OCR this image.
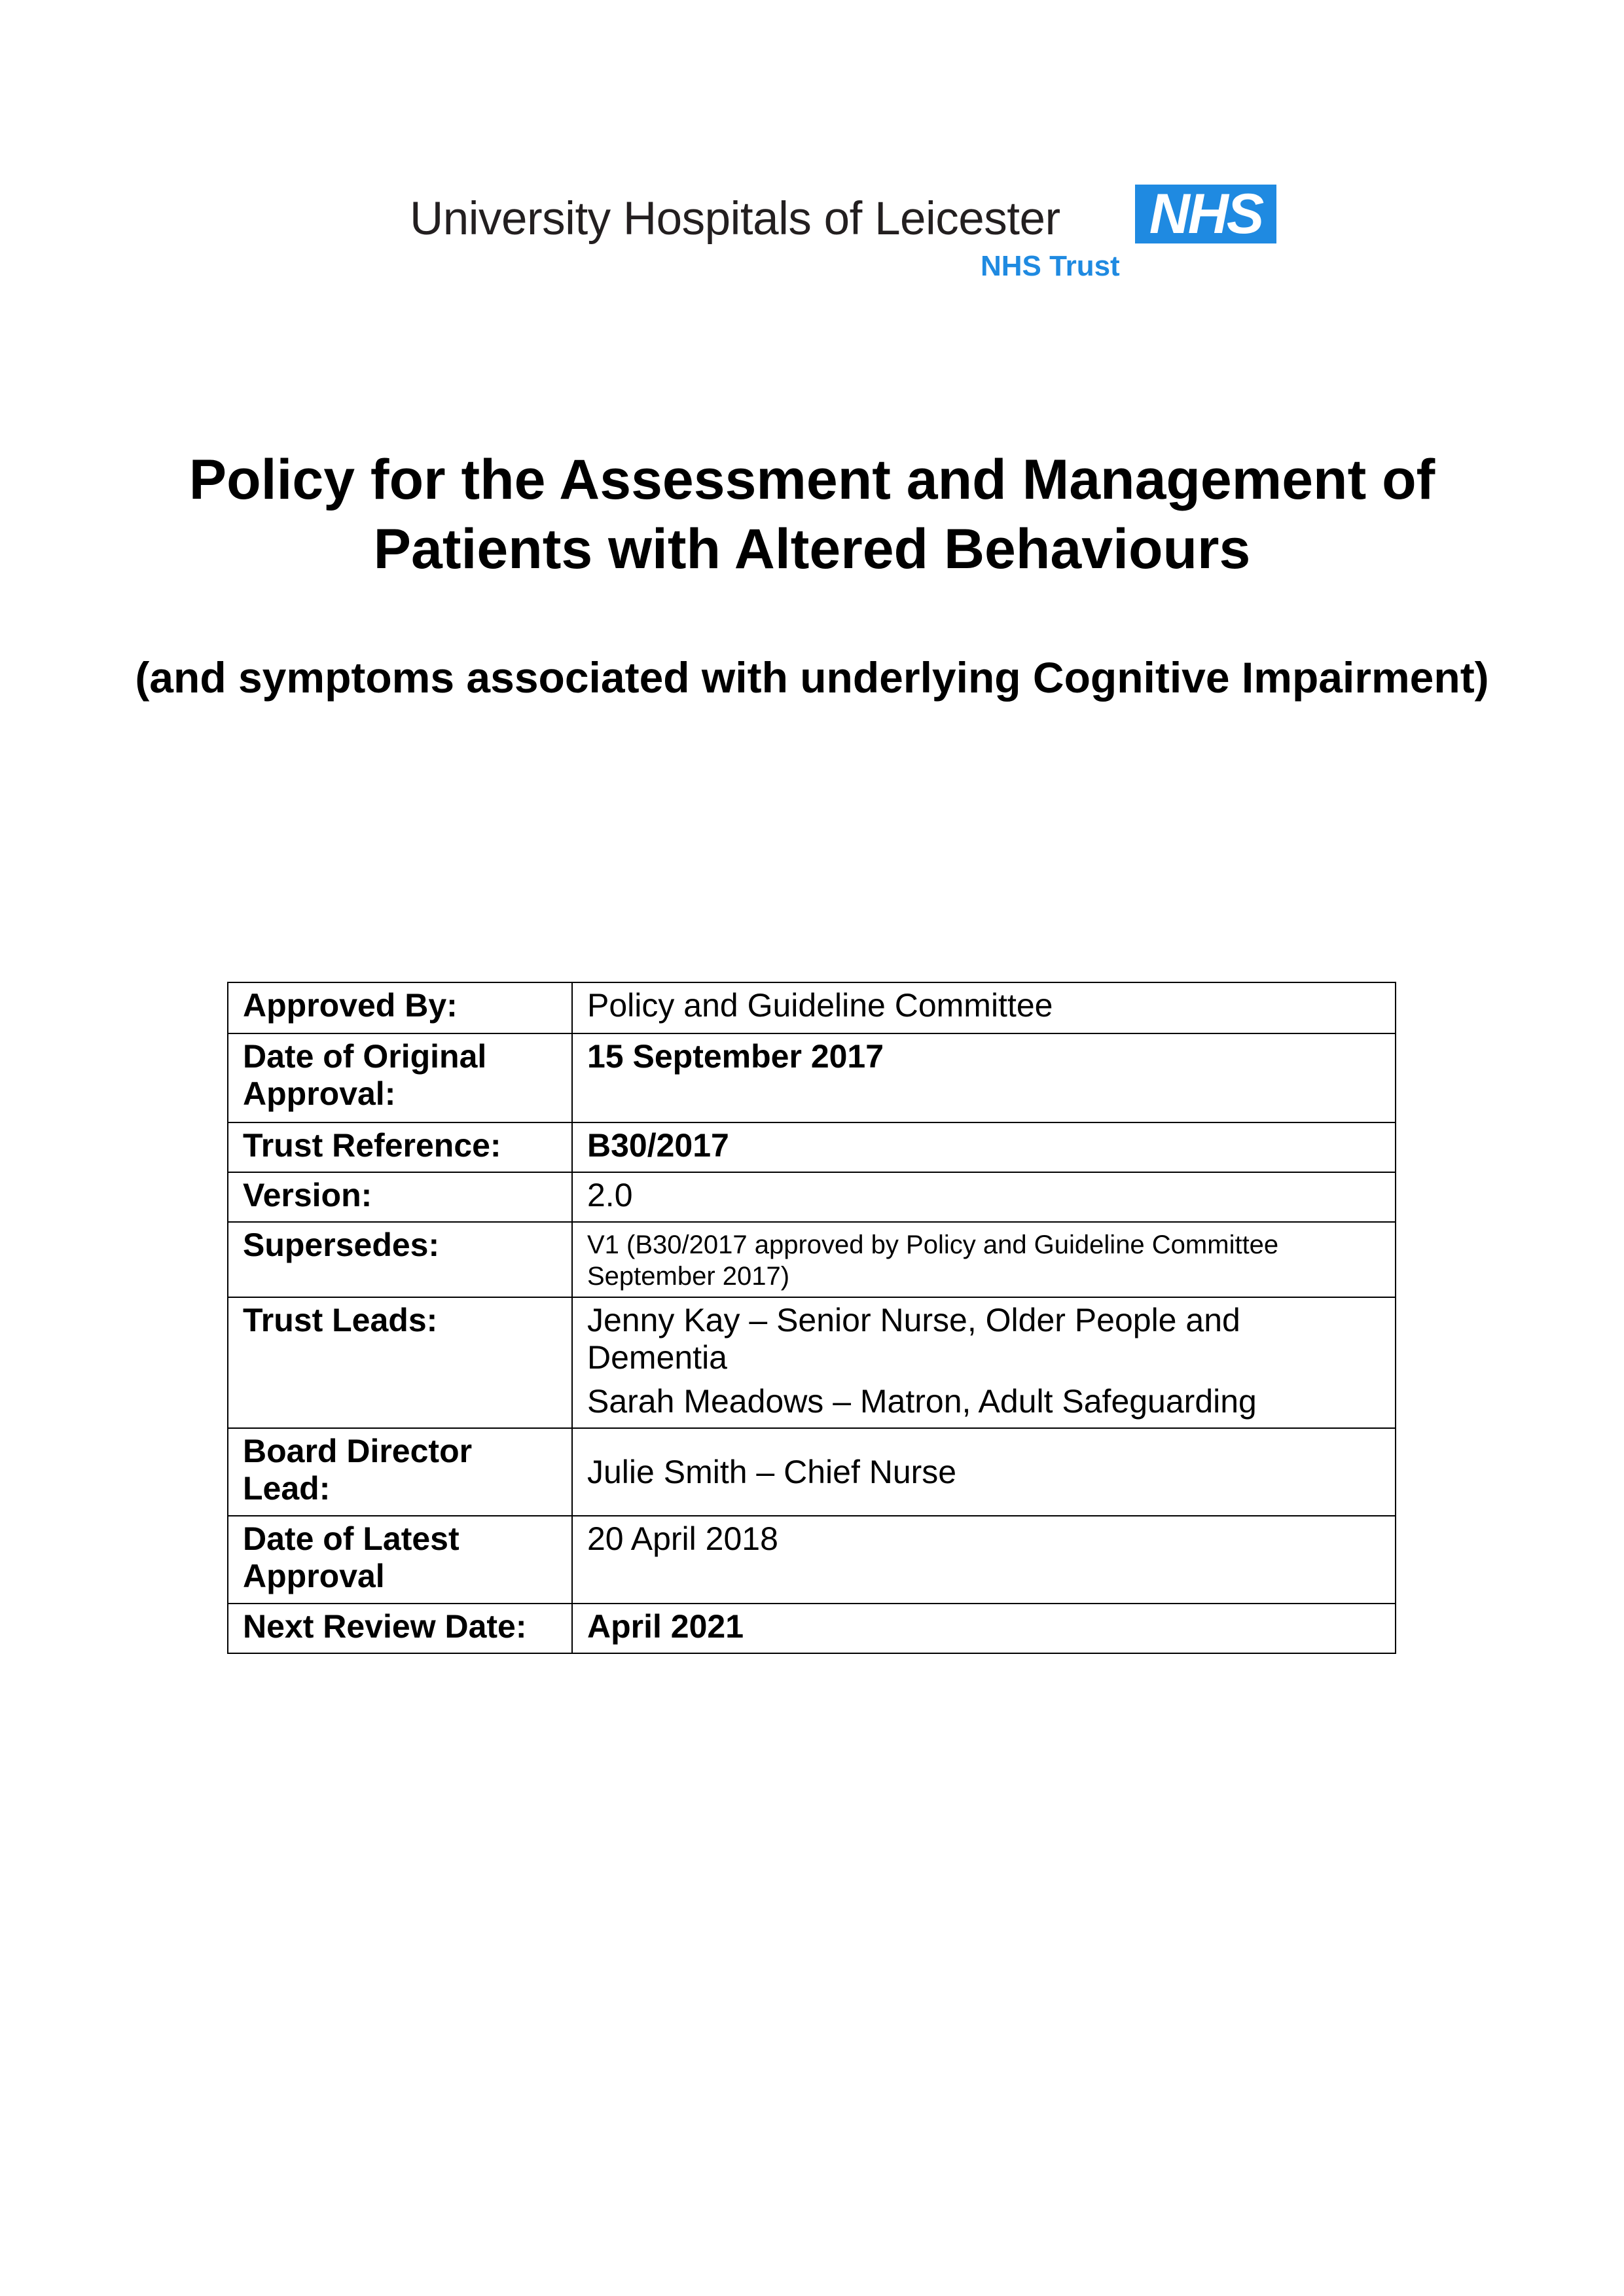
University Hospitals of Leicester NHS
NHS Trust
Policy for the Assessment and Management of Patients with Altered Behaviours
(and symptoms associated with underlying Cognitive Impairment)
Approved By:	Policy and Guideline Committee
Date of Original Approval:	15 September 2017
Trust Reference:	B30/2017
Version:	2.0
Supersedes:	V1 (B30/2017 approved by Policy and Guideline Committee September 2017)
Trust Leads:	Jenny Kay – Senior Nurse, Older People and Dementia
Sarah Meadows – Matron, Adult Safeguarding

Board Director Lead:	Julie Smith – Chief Nurse
Date of Latest Approval	20 April 2018
Next Review Date:	April 2021
